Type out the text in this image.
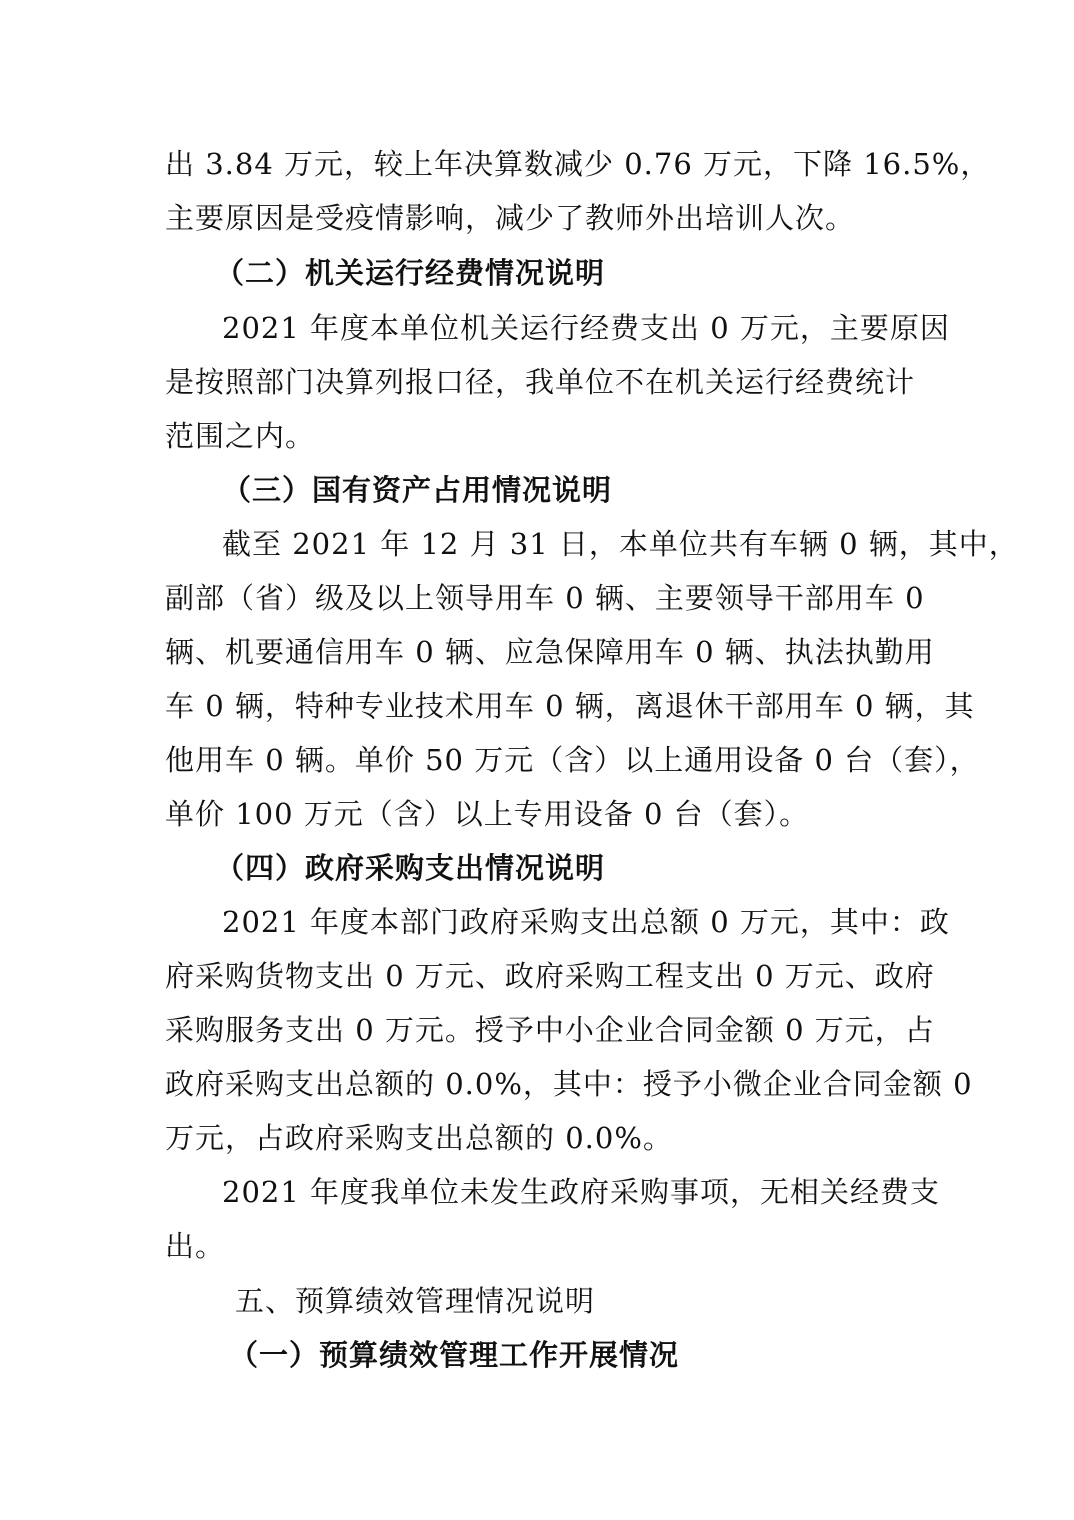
出 3.84 万元，较上年决算数减少 0.76 万元，下降 16.5%，
主要原因是受疫情影响，减少了教师外出培训人次。
（二）机关运行经费情况说明
2021 年度本单位机关运行经费支出 0 万元，主要原因
是按照部门决算列报口径，我单位不在机关运行经费统计
范围之内。
（三）国有资产占用情况说明
截至 2021 年 12 月 31 日，本单位共有车辆 0 辆，其中，
副部（省）级及以上领导用车 0 辆、主要领导干部用车 0
辆、机要通信用车 0 辆、应急保障用车 0 辆、执法执勤用
车 0 辆，特种专业技术用车 0 辆，离退休干部用车 0 辆，其
他用车 0 辆。单价 50 万元（含）以上通用设备 0 台（套），
单价 100 万元（含）以上专用设备 0 台（套）。
（四）政府采购支出情况说明
2021 年度本部门政府采购支出总额 0 万元，其中：政
府采购货物支出 0 万元、政府采购工程支出 0 万元、政府
采购服务支出 0 万元。授予中小企业合同金额 0 万元，占
政府采购支出总额的 0.0%，其中：授予小微企业合同金额 0
万元，占政府采购支出总额的 0.0%。
2021 年度我单位未发生政府采购事项，无相关经费支
出。
五、预算绩效管理情况说明
（一）预算绩效管理工作开展情况
